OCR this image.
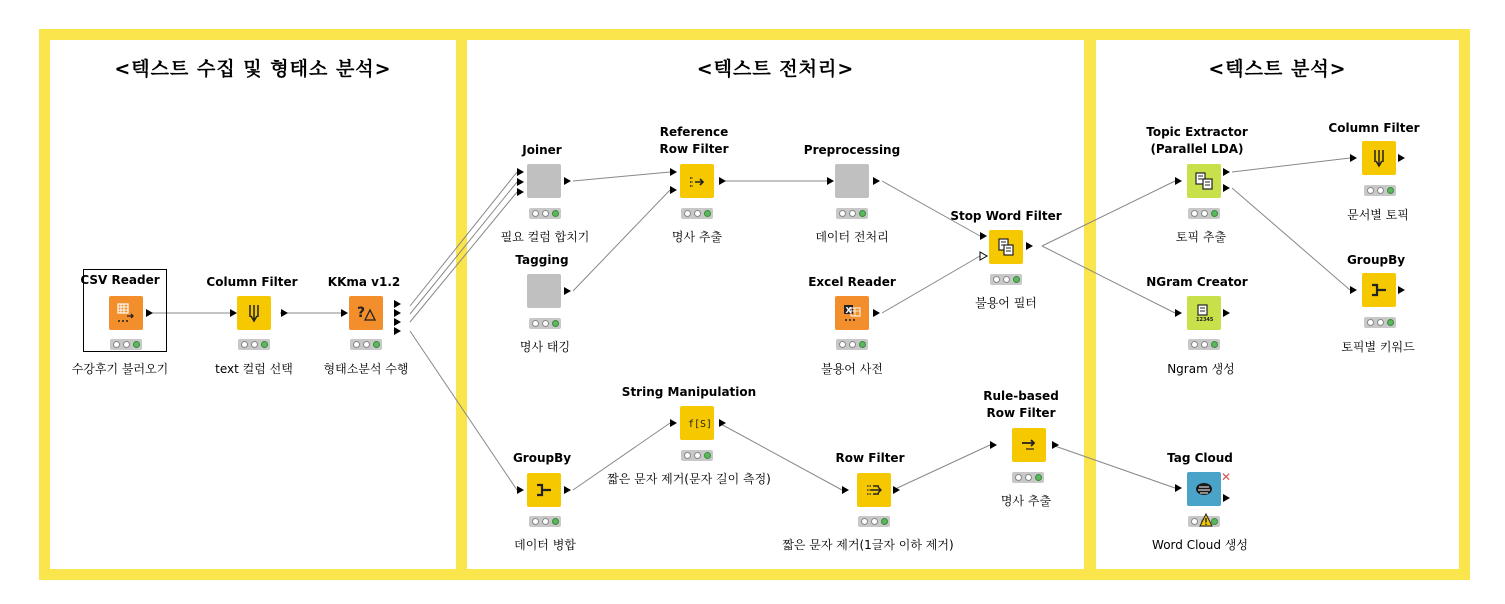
<텍스트 수집 및 형태소 분석>	<텍스트 전처리>	<텍스트 분석>
CSV Reader
수강후기 불러오기
Column Filter
text 컬럼 선택
KKma v1.2
?
형태소분석 수행
Joiner
필요 컬럼 합치기
Tagging
명사 태깅
Reference
Row Filter
명사 추출
Preprocessing
데이터 전처리
Stop Word Filter
불용어 필터
Excel Reader
X
불용어 사전
GroupBy
데이터 병합
String Manipulation
f[S]
짧은 문자 제거(문자 길이 측정)
Row Filter
짧은 문자 제거(1글자 이하 제거)
Rule-based
Row Filter
명사 추출
Topic Extractor
(Parallel LDA)
토픽 추출
Column Filter
문서별 토픽
GroupBy
토픽별 키워드
NGram Creator
12345
Ngram 생성
Tag Cloud
✕
Word Cloud 생성
